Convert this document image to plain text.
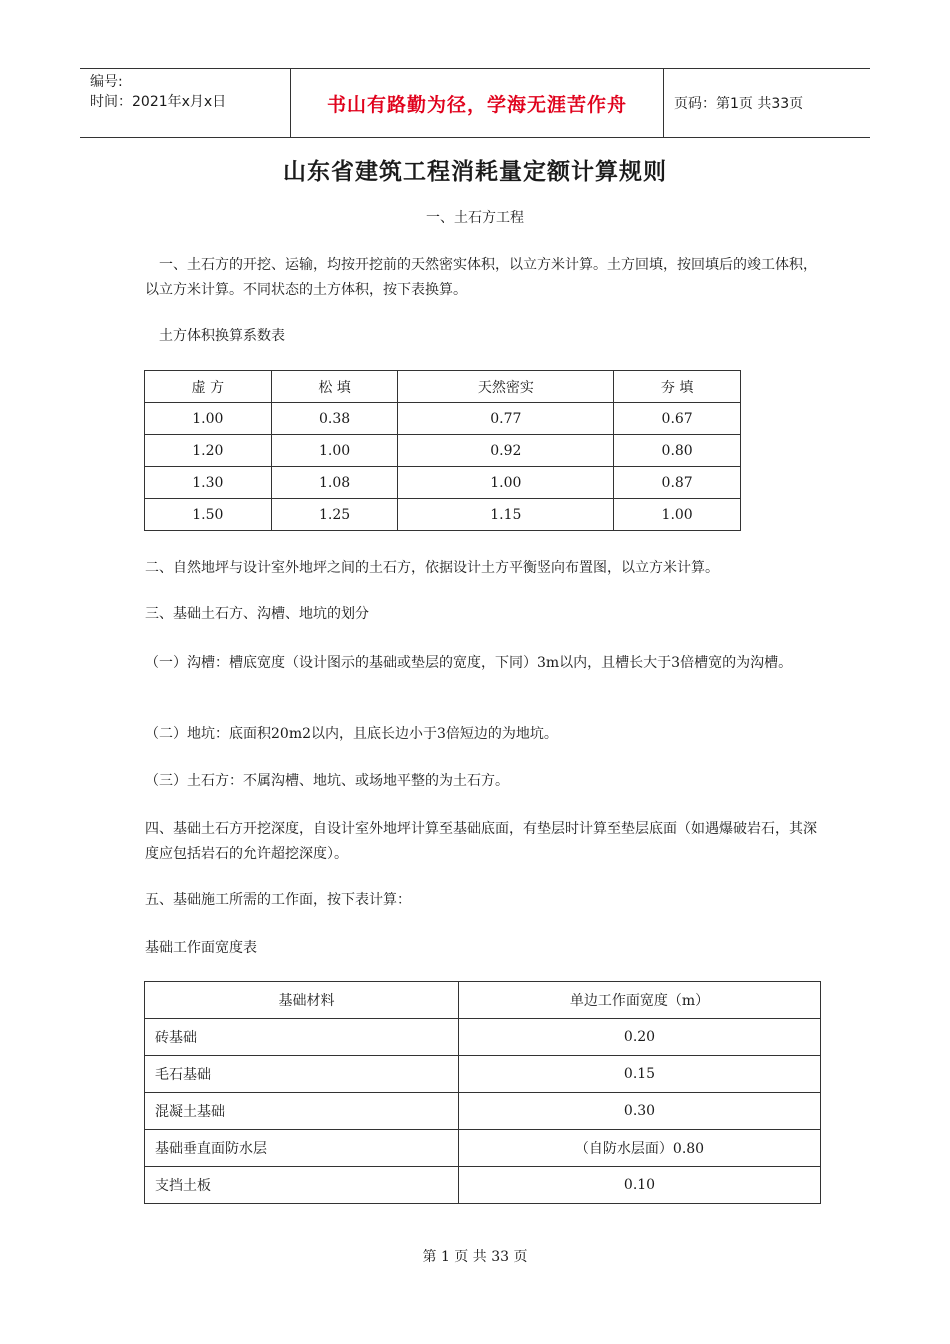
编号:
时间：2021年x月x日	书山有路勤为径，学海无涯苦作舟	页码：第1页 共33页
山东省建筑工程消耗量定额计算规则
一、土石方工程

一、土石方的开挖、运输，均按开挖前的天然密实体积，以立方米计算。土方回填，按回填后的竣工体积，以立方米计算。不同状态的土方体积，按下表换算。

土方体积换算系数表

虚 方	松 填	天然密实	夯 填
1.00	0.38	0.77	0.67
1.20	1.00	0.92	0.80
1.30	1.08	1.00	0.87
1.50	1.25	1.15	1.00

二、自然地坪与设计室外地坪之间的土石方，依据设计土方平衡竖向布置图，以立方米计算。

三、基础土石方、沟槽、地坑的划分

（一）沟槽：槽底宽度（设计图示的基础或垫层的宽度，下同）3m以内，且槽长大于3倍槽宽的为沟槽。

（二）地坑：底面积20m2以内，且底长边小于3倍短边的为地坑。

（三）土石方：不属沟槽、地坑、或场地平整的为土石方。

四、基础土石方开挖深度，自设计室外地坪计算至基础底面，有垫层时计算至垫层底面（如遇爆破岩石，其深度应包括岩石的允许超挖深度）。

五、基础施工所需的工作面，按下表计算：

基础工作面宽度表

基础材料	单边工作面宽度（m）
砖基础	0.20
毛石基础	0.15
混凝土基础	0.30
基础垂直面防水层	（自防水层面）0.80
支挡土板	0.10
第 1 页 共 33 页
